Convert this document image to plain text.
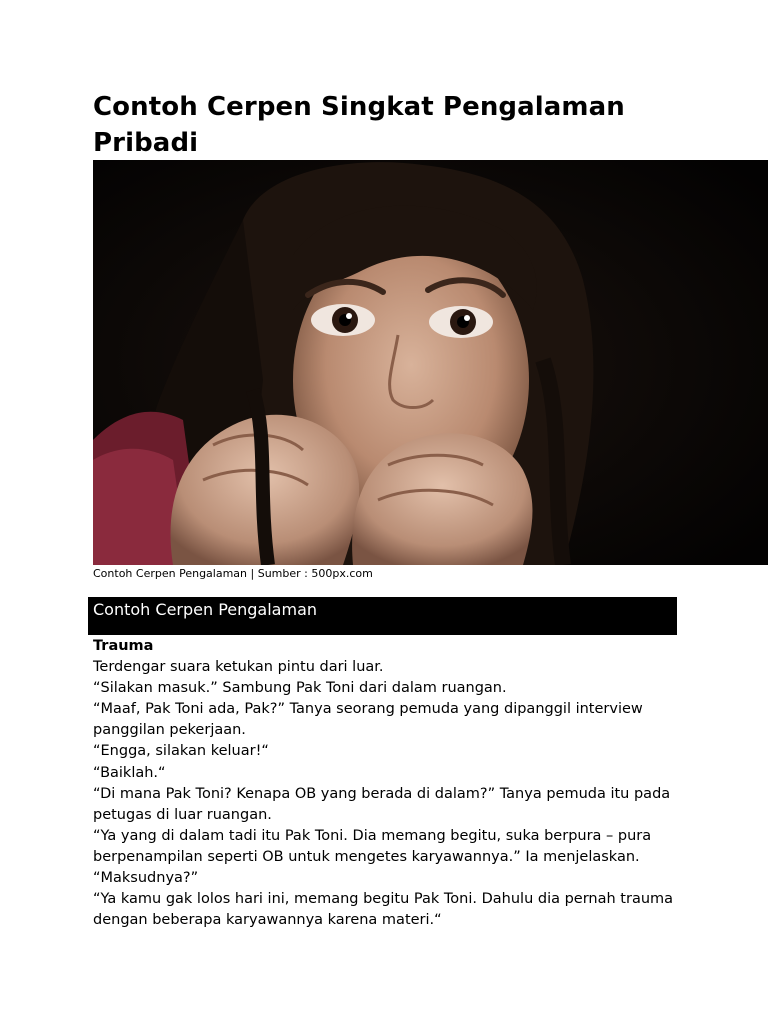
Contoh Cerpen Singkat Pengalaman Pribadi
Contoh Cerpen Pengalaman | Sumber : 500px.com
Contoh Cerpen Pengalaman

Trauma

Terdengar suara ketukan pintu dari luar.

“Silakan masuk.” Sambung Pak Toni dari dalam ruangan.

“Maaf, Pak Toni ada, Pak?” Tanya seorang pemuda yang dipanggil interview panggilan pekerjaan.

“Engga, silakan keluar!“

“Baiklah.“

“Di mana Pak Toni? Kenapa OB yang berada di dalam?” Tanya pemuda itu pada petugas di luar ruangan.

“Ya yang di dalam tadi itu Pak Toni. Dia memang begitu, suka berpura – pura berpenampilan seperti OB untuk mengetes karyawannya.” Ia menjelaskan.

“Maksudnya?”

“Ya kamu gak lolos hari ini, memang begitu Pak Toni. Dahulu dia pernah trauma dengan beberapa karyawannya karena materi.“
